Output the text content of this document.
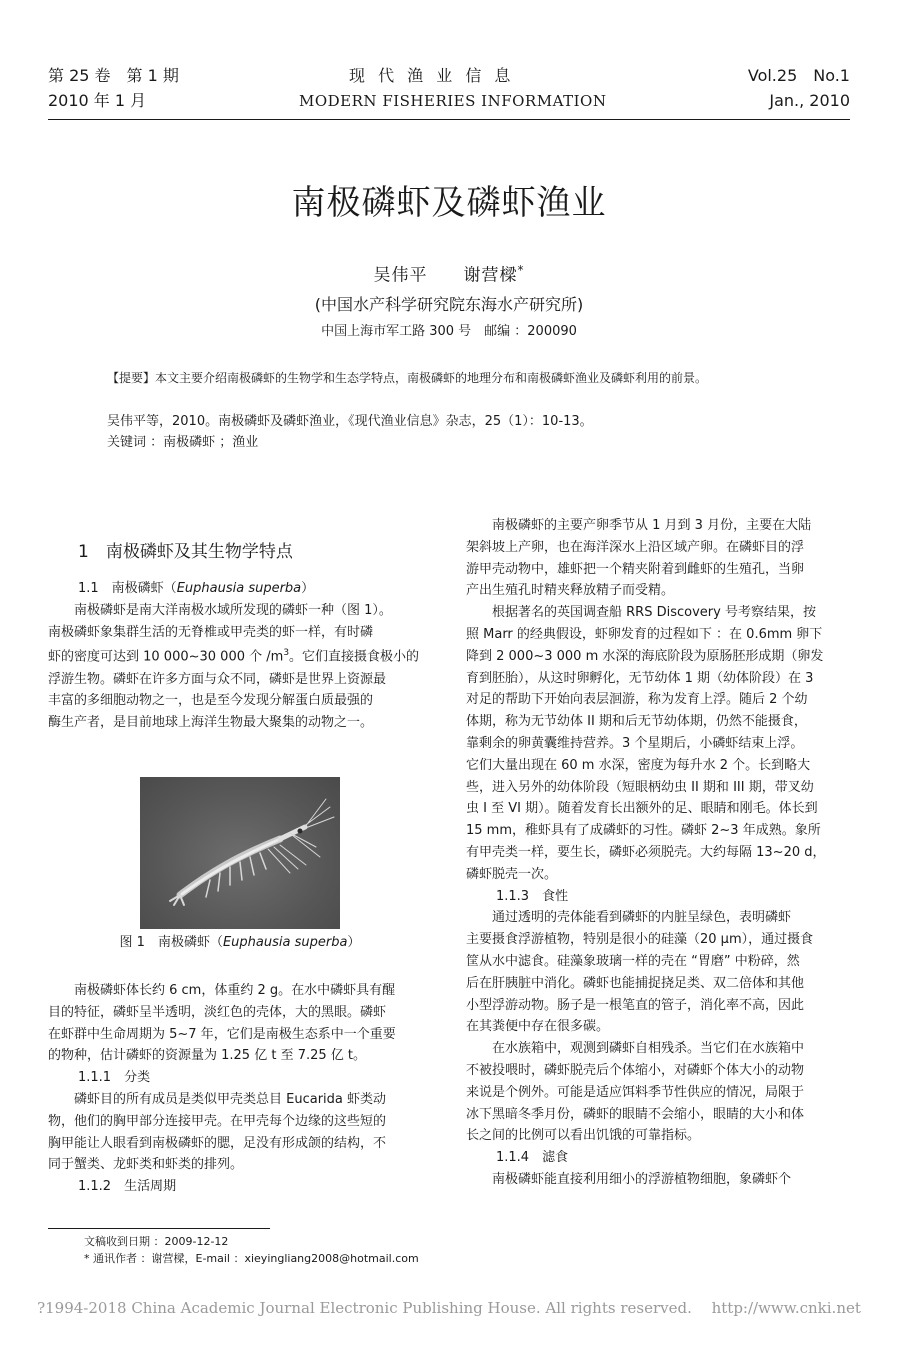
第 25 卷　第 1 期
2010 年 1 月
现 代 渔 业 信 息
MODERN FISHERIES INFORMATION
Vol.25　No.1
Jan., 2010
南极磷虾及磷虾渔业
吴伟平　　谢营樑*
(中国水产科学研究院东海水产研究所)
中国上海市军工路 300 号　邮编 ：200090
【提要】本文主要介绍南极磷虾的生物学和生态学特点，南极磷虾的地理分布和南极磷虾渔业及磷虾利用的前景。
吴伟平等，2010。南极磷虾及磷虾渔业，《现代渔业信息》杂志，25（1）：10-13。
关键词 ：南极磷虾 ；渔业

1　南极磷虾及其生物学特点

1.1　南极磷虾（Euphausia superba）

南极磷虾是南大洋南极水域所发现的磷虾一种（图 1）。

南极磷虾象集群生活的无脊椎或甲壳类的虾一样，有时磷

虾的密度可达到 10 000~30 000 个 $/m^3$。它们直接摄食极小的

浮游生物。磷虾在许多方面与众不同，磷虾是世界上资源最

丰富的多细胞动物之一，也是至今发现分解蛋白质最强的

酶生产者，是目前地球上海洋生物最大聚集的动物之一。

图 1　南极磷虾（Euphausia superba）

南极磷虾体长约 6 cm，体重约 2 g。在水中磷虾具有醒

目的特征，磷虾呈半透明，淡红色的壳体，大的黑眼。磷虾

在虾群中生命周期为 5~7 年，它们是南极生态系中一个重要

的物种，估计磷虾的资源量为 1.25 亿 t 至 7.25 亿 t。

1.1.1　分类

磷虾目的所有成员是类似甲壳类总目 Eucarida 虾类动

物，他们的胸甲部分连接甲壳。在甲壳每个边缘的这些短的

胸甲能让人眼看到南极磷虾的腮，足没有形成颌的结构，不

同于蟹类、龙虾类和虾类的排列。

1.1.2　生活周期

文稿收到日期 ：2009-12-12
* 通讯作者 ：谢营樑，E-mail ：xieyingliang2008@hotmail.com

南极磷虾的主要产卵季节从 1 月到 3 月份，主要在大陆

架斜坡上产卵，也在海洋深水上沿区域产卵。在磷虾目的浮

游甲壳动物中，雄虾把一个精夹附着到雌虾的生殖孔，当卵

产出生殖孔时精夹释放精子而受精。

根据著名的英国调查船 RRS Discovery 号考察结果，按

照 Marr 的经典假设，虾卵发育的过程如下 ：在 0.6mm 卵下

降到 2 000~3 000 m 水深的海底阶段为原肠胚形成期（卵发

育到胚胎），从这时卵孵化，无节幼体 1 期（幼体阶段）在 3

对足的帮助下开始向表层洄游，称为发育上浮。随后 2 个幼

体期，称为无节幼体 II 期和后无节幼体期，仍然不能摄食，

靠剩余的卵黄囊维持营养。3 个星期后，小磷虾结束上浮。

它们大量出现在 60 m 水深，密度为每升水 2 个。长到略大

些，进入另外的幼体阶段（短眼柄幼虫 II 期和 III 期，带叉幼

虫 I 至 VI 期）。随着发育长出额外的足、眼睛和刚毛。体长到

15 mm，稚虾具有了成磷虾的习性。磷虾 2~3 年成熟。象所

有甲壳类一样，要生长，磷虾必须脱壳。大约每隔 13~20 d，

磷虾脱壳一次。

1.1.3　食性

通过透明的壳体能看到磷虾的内脏呈绿色，表明磷虾

主要摄食浮游植物，特别是很小的硅藻（20 μm），通过摄食

筐从水中滤食。硅藻象玻璃一样的壳在 “胃磨” 中粉碎，然

后在肝胰脏中消化。磷虾也能捕捉挠足类、双二倍体和其他

小型浮游动物。肠子是一根笔直的管子，消化率不高，因此

在其粪便中存在很多碳。

在水族箱中，观测到磷虾自相残杀。当它们在水族箱中

不被投喂时，磷虾脱壳后个体缩小，对磷虾个体大小的动物

来说是个例外。可能是适应饵料季节性供应的情况，局限于

冰下黑暗冬季月份，磷虾的眼睛不会缩小，眼睛的大小和体

长之间的比例可以看出饥饿的可靠指标。

1.1.4　滤食

南极磷虾能直接利用细小的浮游植物细胞，象磷虾个

?1994-2018 China Academic Journal Electronic Publishing House. All rights reserved.　 http://www.cnki.net
